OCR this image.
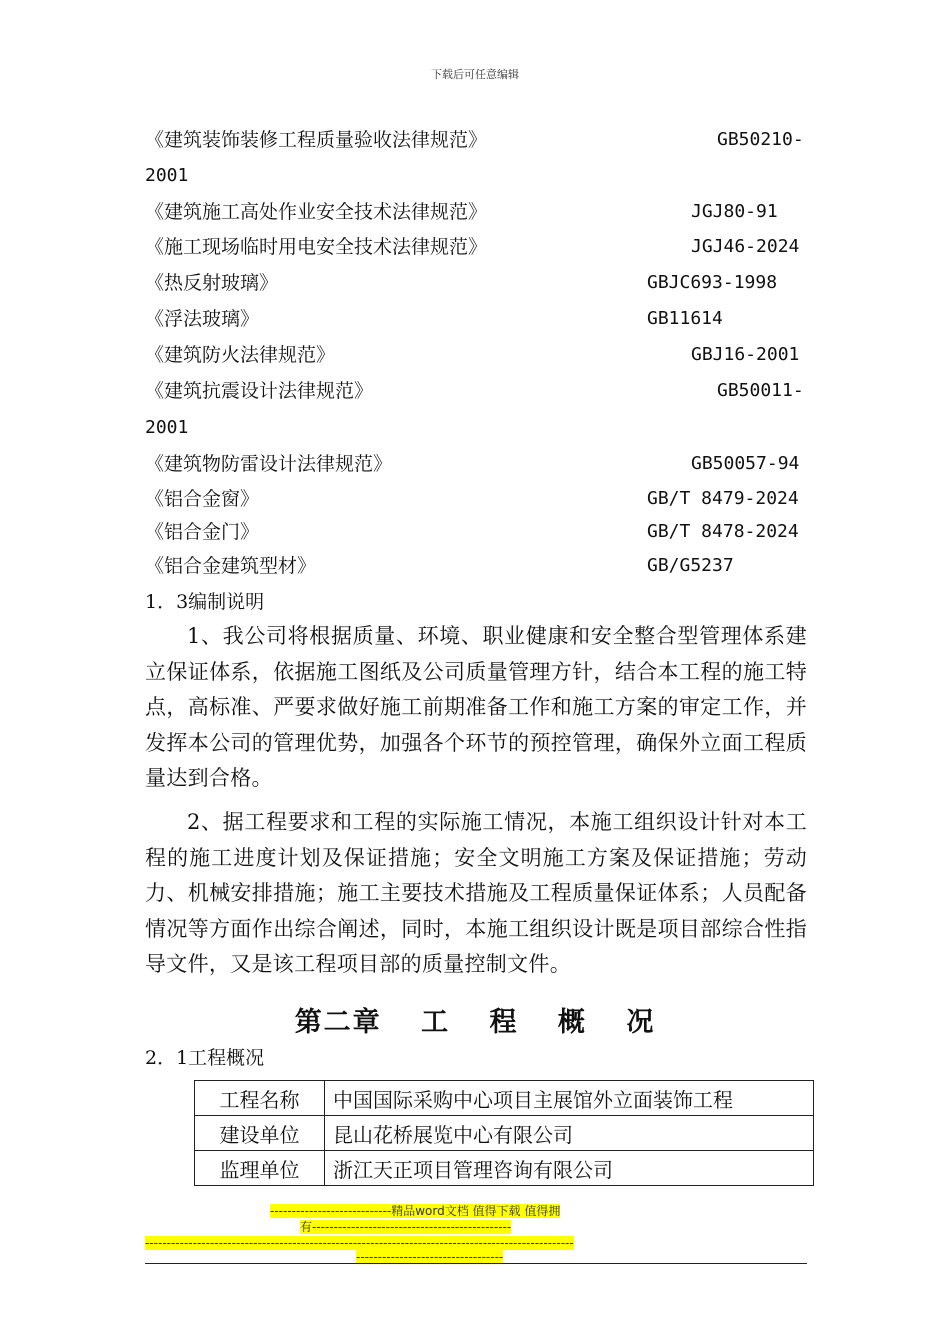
下载后可任意编辑
《建筑装饰装修工程质量验收法律规范》	GB50210-
2001
《建筑施工高处作业安全技术法律规范》	JGJ80-91
《施工现场临时用电安全技术法律规范》	JGJ46-2024
《热反射玻璃》	GBJC693-1998
《浮法玻璃》	GB11614
《建筑防火法律规范》	GBJ16-2001
《建筑抗震设计法律规范》	GB50011-
2001
《建筑物防雷设计法律规范》	GB50057-94
《铝合金窗》	GB/T 8479-2024
《铝合金门》	GB/T 8478-2024
《铝合金建筑型材》	GB/G5237
1．3编制说明

1、我公司将根据质量、环境、职业健康和安全整合型管理体系建立保证体系，依据施工图纸及公司质量管理方针，结合本工程的施工特点，高标准、严要求做好施工前期准备工作和施工方案的审定工作，并发挥本公司的管理优势，加强各个环节的预控管理，确保外立面工程质量达到合格。

2、据工程要求和工程的实际施工情况，本施工组织设计针对本工程的施工进度计划及保证措施；安全文明施工方案及保证措施；劳动力、机械安排措施；施工主要技术措施及工程质量保证体系；人员配备情况等方面作出综合阐述，同时，本施工组织设计既是项目部综合性指导文件，又是该工程项目部的质量控制文件。

第二章 工 程 概 况
2．1工程概况
工程名称	中国国际采购中心项目主展馆外立面装饰工程
建设单位	昆山花桥展览中心有限公司
监理单位	浙江天正项目管理咨询有限公司
----------------------------精品word文档 值得下载 值得拥
有----------------------------------------------
---------------------------------------------------------------------------------------------------
----------------------------------
